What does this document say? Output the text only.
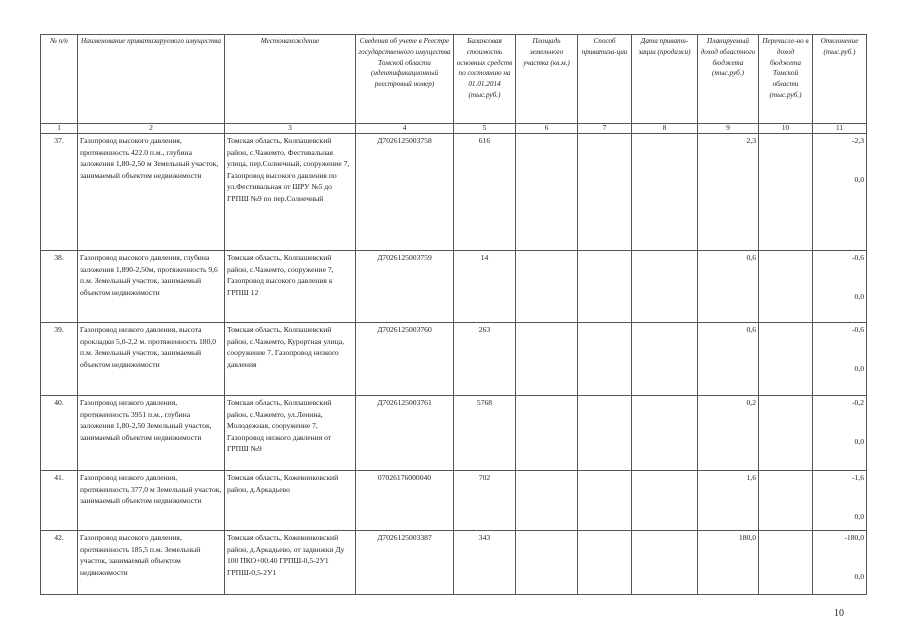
№ п/п	Наименование приватизируемого имущества	Местонахождение	Сведения об учете в Реестре государственного имущества Томской области (идентификационный реестровый номер)	Балансовая стоимость основных средств по состоянию на 01.01.2014 (тыс.руб.)	Площадь земельного участка (кв.м.)	Способ приватиза-ции	Дата привати-зации (продажи)	Планируемый доход областного бюджета (тыс.руб.)	Перечисле-но в доход бюджета Томской области (тыс.руб.)	Отклонение (тыс.руб.)
1	2	3	4	5	6	7	8	9	10	11
37.	Газопровод высокого давления, протяженность 422.0 п.м., глубина заложения 1,80-2,50 м Земельный участок, занимаемый объектом недвижимости	Томская область, Колпашевский район, с.Чажемто, Фестивальная улица, пер.Солнечный, сооружение 7, Газопровод высокого давления по ул.Фестивальная от ШРУ №5 до ГРПШ №9 по пер.Солнечный	Д7026125003758	616				2,3		-2,3
0,0

38.	Газопровод высокого давления, глубина заложения 1,890-2,50м, протяженность 9,6 п.м. Земельный участок, занимаемый объектом недвижимости	Томская область, Колпашевский район, с.Чажемто, сооружение 7, Газопровод высокого давления к ГРПШ 12	Д7026125003759	14				0,6		-0,6
0,0

39.	Газопровод низкого давления, высота прокладки 5,0-2,2 м. протяженность 180,0 п.м. Земельный участок, занимаемый объектом недвижимости	Томская область, Колпашевский район, с.Чажемто, Курортная улица, сооружение 7, Газопровод низкого давления	Д7026125003760	263				0,6		-0,6
0,0

40.	Газопровод низкого давления, протяженность 3951 п.м., глубина заложения 1,80-2,50 Земельный участок, занимаемый объектом недвижимости	Томская область, Колпашевский район, с.Чажемто, ул.Ленина, Молодежная, сооружение 7, Газопровод низкого давления от ГРПШ №9	Д7026125003761	5768				0,2		-0,2
0,0

41.	Газопровод низкого давления, протяженность 377,0 м Земельный участок, занимаемый объектом недвижимости	Томская область, Кожевниковский район, д.Аркадьево	07026176000040	702				1,6		-1,6
0,0

42.	Газопровод высокого давления, протяженность 185,5 п.м. Земельный участок, занимаемый объектом недвижимости	Томская область, Кожевниковский район, д.Аркадьево, от задвижки Ду 100 ПКО+00.40 ГРПШ-0,5-2У1 ГРПШ-0,5-2У1	Д7026125003387	343				180,0		-180,0
0,0
10
